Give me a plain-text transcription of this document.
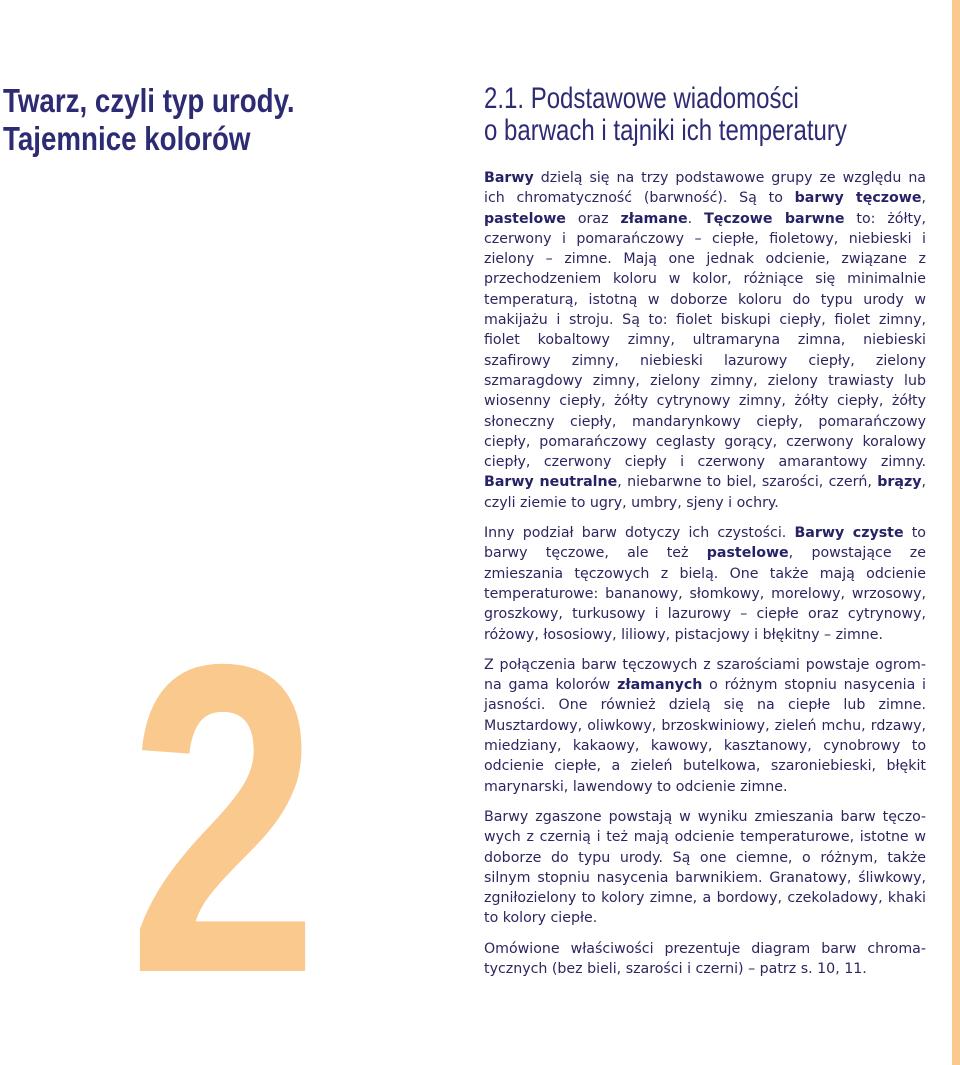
Twarz, czyli typ urody.
Tajemnice kolorów
2
2.1. Podstawowe wiadomości
o barwach i tajniki ich temperatury

Barwy dzielą się na trzy podstawowe grupy ze względu na ich chromatyczność (barwność). Są to barwy tęczowe, pastelowe oraz złamane. Tęczowe barwne to: żółty, czerwony i pomarańczowy – ciepłe, fioletowy, niebieski i zielony – zimne. Mają one jednak odcienie, związane z przechodzeniem koloru w kolor, różniące się minimalnie temperaturą, istotną w doborze koloru do typu urody w makijażu i stroju. Są to: fiolet biskupi ciepły, fiolet zimny, fiolet kobaltowy zimny, ultramaryna zimna, niebieski szafirowy zimny, niebieski lazurowy ciepły, zielony szmaragdowy zimny, zielony zimny, zielony trawiasty lub wiosenny ciepły, żółty cytrynowy zimny, żółty ciepły, żółty słoneczny ciepły, mandarynkowy ciepły, pomarańczowy ciepły, pomarańczowy ceglasty gorący, czerwony koralowy ciepły, czerwony ciepły i czerwony amarantowy zimny. Barwy neutralne, niebarwne to biel, szarości, czerń, brązy, czyli ziemie to ugry, umbry, sjeny i ochry.

Inny podział barw dotyczy ich czystości. Barwy czyste to barwy tęczowe, ale też pastelowe, powstające ze zmieszania tęczowych z bielą. One także mają odcienie temperaturowe: bananowy, słomkowy, morelowy, wrzosowy, groszkowy, turkusowy i lazurowy – ciepłe oraz cytrynowy, różowy, łososiowy, liliowy, pistacjowy i błękitny – zimne.

Z połączenia barw tęczowych z szarościami powstaje ogromna gama kolorów złamanych o różnym stopniu nasycenia i jasności. One również dzielą się na ciepłe lub zimne. Musztardowy, oliwkowy, brzoskwiniowy, zieleń mchu, rdzawy, miedziany, kakaowy, kawowy, kasztanowy, cynobrowy to odcienie ciepłe, a zieleń butelkowa, szaroniebieski, błękit marynarski, lawendowy to odcienie zimne.

Barwy zgaszone powstają w wyniku zmieszania barw tęczowych z czernią i też mają odcienie temperaturowe, istotne w doborze do typu urody. Są one ciemne, o różnym, także silnym stopniu nasycenia barwnikiem. Granatowy, śliwkowy, zgniłozielony to kolory zimne, a bordowy, czekoladowy, khaki to kolory ciepłe.

Omówione właściwości prezentuje diagram barw chromatycznych (bez bieli, szarości i czerni) – patrz s. 10, 11.
